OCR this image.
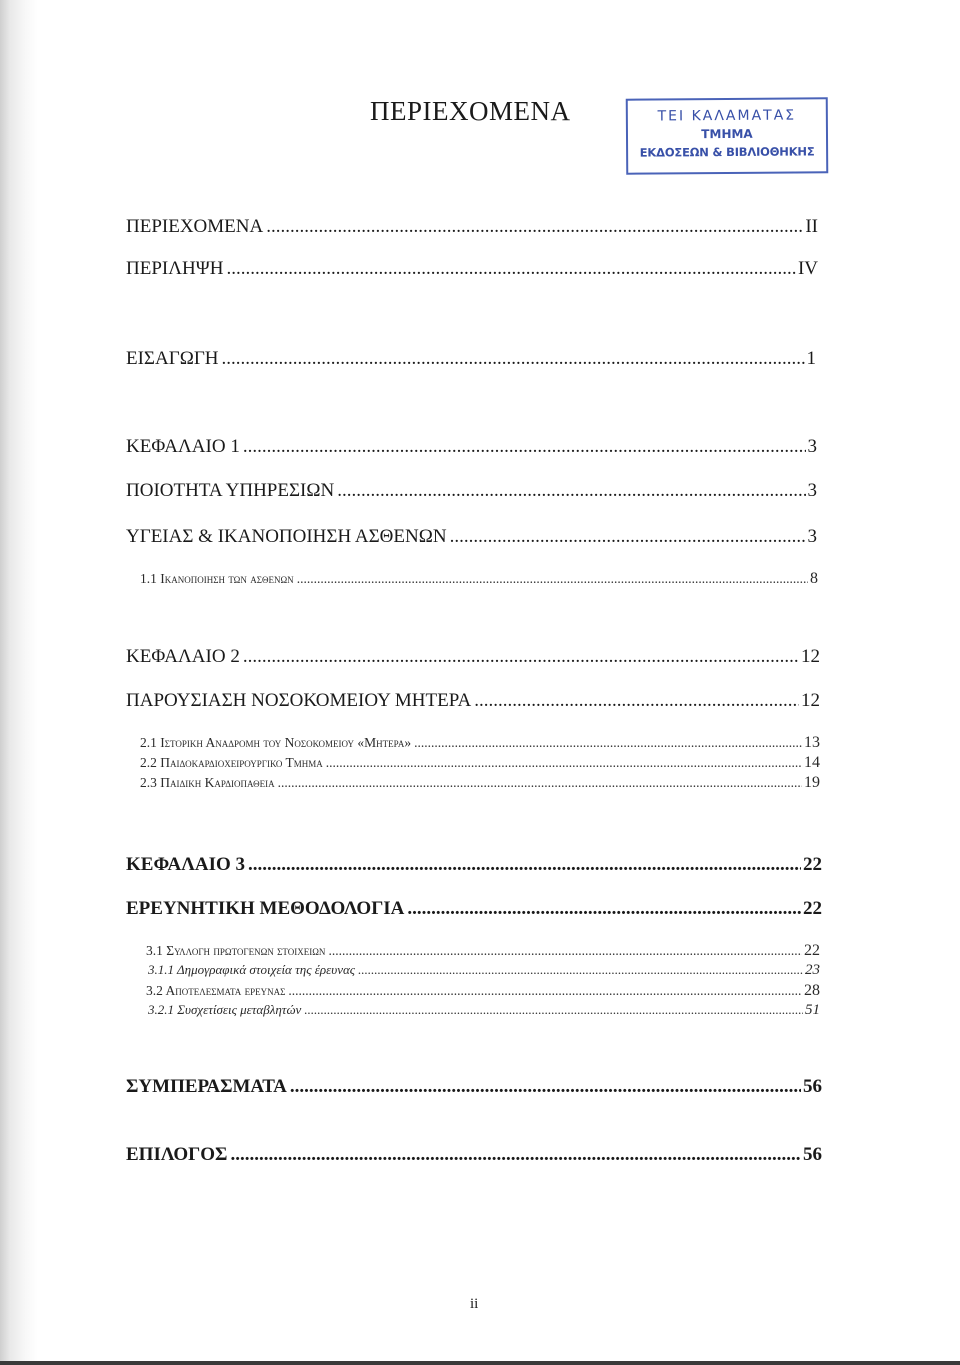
ΠΕΡΙΕΧΟΜΕΝΑ	ΤΕΙ ΚΑΛΑΜΑΤΑΣ
ΤΜΗΜΑ
ΕΚΔΟΣΕΩΝ & ΒΙΒΛΙΟΘΗΚΗΣ
ΠΕΡΙΕΧΟΜΕΝΑ .....	II
ΠΕΡΙΛΗΨΗ .....	IV
ΕΙΣΑΓΩΓΗ .....	1
ΚΕΦΑΛΑΙΟ 1 .....	3
ΠΟΙΟΤΗΤΑ ΥΠΗΡΕΣΙΩΝ .....	3
ΥΓΕΙΑΣ & ΙΚΑΝΟΠΟΙΗΣΗ ΑΣΘΕΝΩΝ .....	3
1.1 Ικανοποιηση των ασθενων .....	8
ΚΕΦΑΛΑΙΟ 2 .....	12
ΠΑΡΟΥΣΙΑΣΗ ΝΟΣΟΚΟΜΕΙΟΥ ΜΗΤΕΡΑ .....	12
2.1 Ιστορικη Αναδρομη του Νοσοκομειου «Μητερα» .....	13
2.2 Παιδοκαρδιοχειρουργικο Τμημα .....	14
2.3 Παιδικη Καρδιοπαθεια .....	19
ΚΕΦΑΛΑΙΟ 3 .....	22
ΕΡΕΥΝΗΤΙΚΗ ΜΕΘΟΔΟΛΟΓΙΑ .....	22
3.1 Συλλογη πρωτογενων στοιχειων .....	22
3.1.1 Δημογραφικά στοιχεία της έρευνας .....	23
3.2 Αποτελεσματα ερευνας .....	28
3.2.1 Συσχετίσεις μεταβλητών .....	51
ΣΥΜΠΕΡΑΣΜΑΤΑ .....	56
ΕΠΙΛΟΓΟΣ .....	56
ii
